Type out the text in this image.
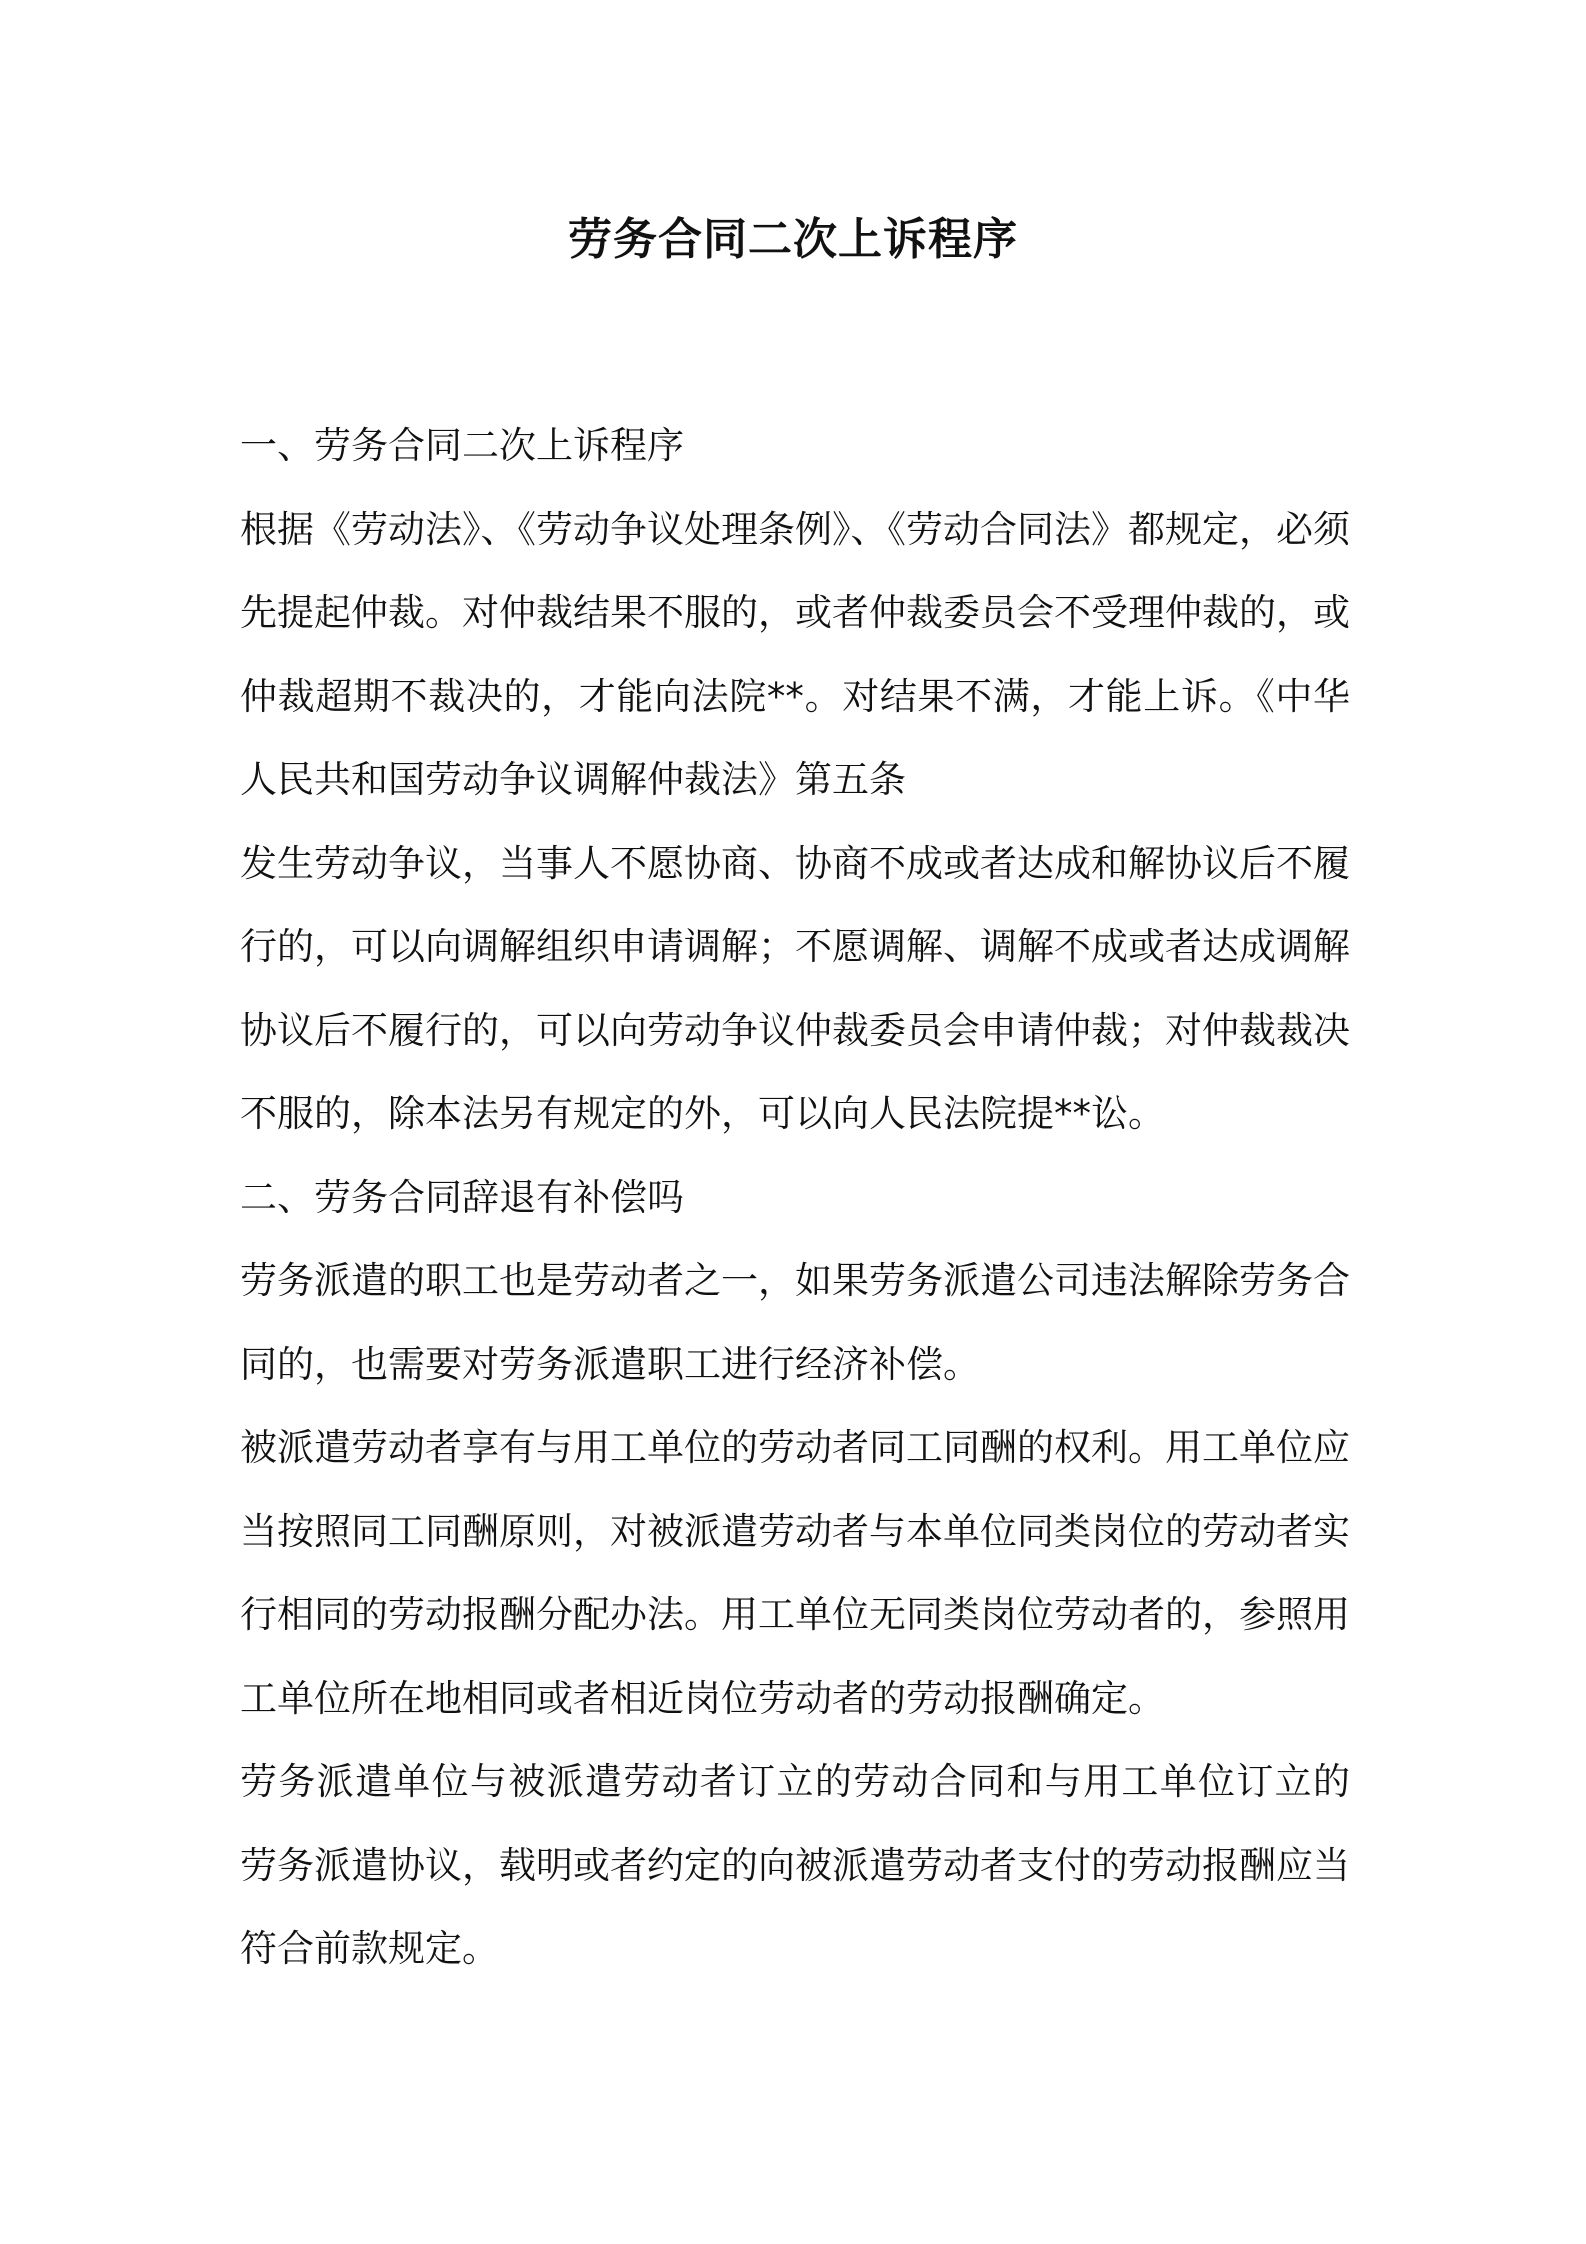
劳务合同二次上诉程序
一、劳务合同二次上诉程序
根据《劳动法》、《劳动争议处理条例》、《劳动合同法》都规定，必须
先提起仲裁。对仲裁结果不服的，或者仲裁委员会不受理仲裁的，或
仲裁超期不裁决的，才能向法院**。对结果不满，才能上诉。《中华
人民共和国劳动争议调解仲裁法》第五条
发生劳动争议，当事人不愿协商、协商不成或者达成和解协议后不履
行的，可以向调解组织申请调解；不愿调解、调解不成或者达成调解
协议后不履行的，可以向劳动争议仲裁委员会申请仲裁；对仲裁裁决
不服的，除本法另有规定的外，可以向人民法院提**讼。
二、劳务合同辞退有补偿吗
劳务派遣的职工也是劳动者之一，如果劳务派遣公司违法解除劳务合
同的，也需要对劳务派遣职工进行经济补偿。
被派遣劳动者享有与用工单位的劳动者同工同酬的权利。用工单位应
当按照同工同酬原则，对被派遣劳动者与本单位同类岗位的劳动者实
行相同的劳动报酬分配办法。用工单位无同类岗位劳动者的，参照用
工单位所在地相同或者相近岗位劳动者的劳动报酬确定。
劳务派遣单位与被派遣劳动者订立的劳动合同和与用工单位订立的
劳务派遣协议，载明或者约定的向被派遣劳动者支付的劳动报酬应当
符合前款规定。
